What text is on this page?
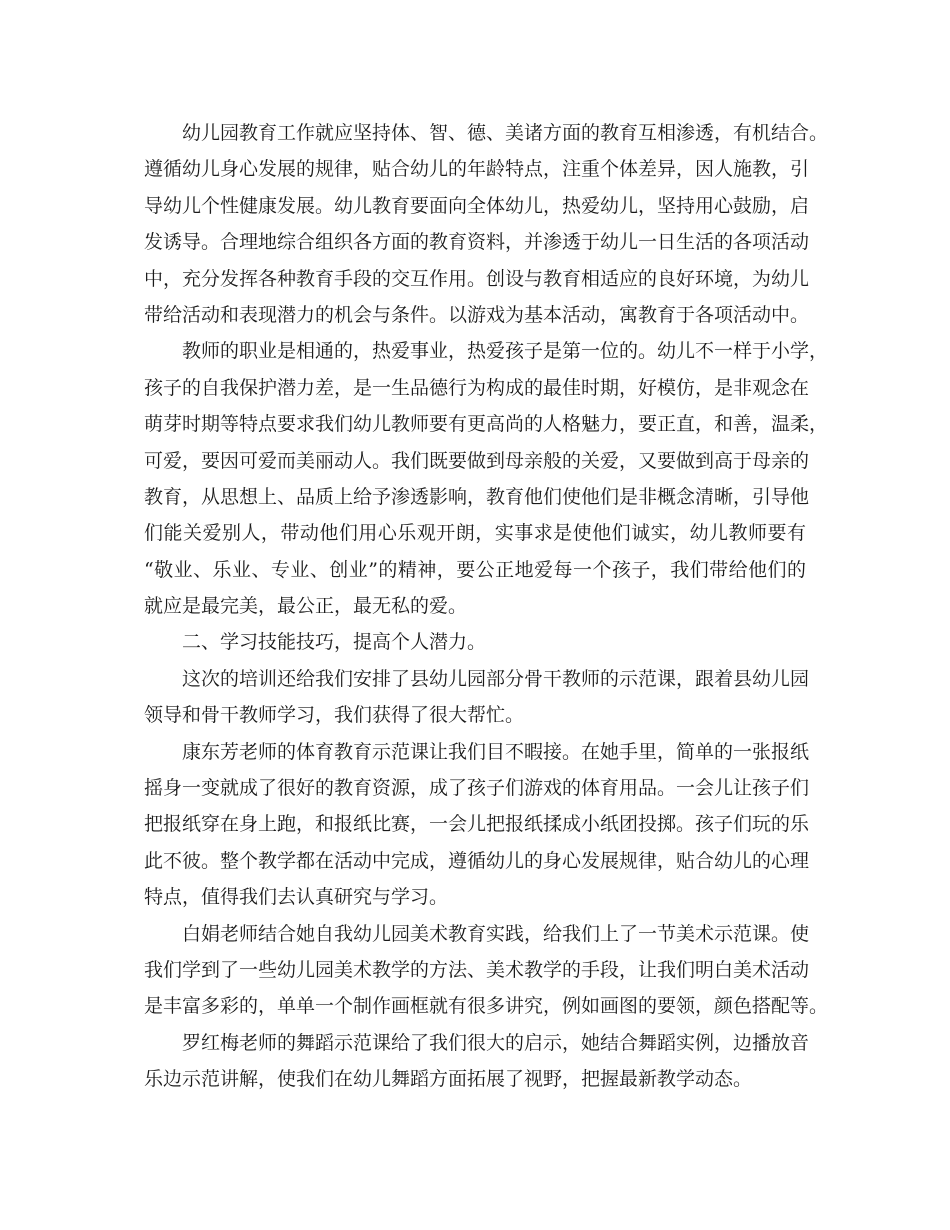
幼儿园教育工作就应坚持体、智、德、美诸方面的教育互相渗透，有机结合。
遵循幼儿身心发展的规律，贴合幼儿的年龄特点，注重个体差异，因人施教，引
导幼儿个性健康发展。幼儿教育要面向全体幼儿，热爱幼儿，坚持用心鼓励，启
发诱导。合理地综合组织各方面的教育资料，并渗透于幼儿一日生活的各项活动
中，充分发挥各种教育手段的交互作用。创设与教育相适应的良好环境，为幼儿
带给活动和表现潜力的机会与条件。以游戏为基本活动，寓教育于各项活动中。
教师的职业是相通的，热爱事业，热爱孩子是第一位的。幼儿不一样于小学，
孩子的自我保护潜力差，是一生品德行为构成的最佳时期，好模仿，是非观念在
萌芽时期等特点要求我们幼儿教师要有更高尚的人格魅力，要正直，和善，温柔，
可爱，要因可爱而美丽动人。我们既要做到母亲般的关爱，又要做到高于母亲的
教育，从思想上、品质上给予渗透影响，教育他们使他们是非概念清晰，引导他
们能关爱别人，带动他们用心乐观开朗，实事求是使他们诚实，幼儿教师要有
“敬业、乐业、专业、创业”的精神，要公正地爱每一个孩子，我们带给他们的
就应是最完美，最公正，最无私的爱。
二、学习技能技巧，提高个人潜力。
这次的培训还给我们安排了县幼儿园部分骨干教师的示范课，跟着县幼儿园
领导和骨干教师学习，我们获得了很大帮忙。
康东芳老师的体育教育示范课让我们目不暇接。在她手里，简单的一张报纸
摇身一变就成了很好的教育资源，成了孩子们游戏的体育用品。一会儿让孩子们
把报纸穿在身上跑，和报纸比赛，一会儿把报纸揉成小纸团投掷。孩子们玩的乐
此不彼。整个教学都在活动中完成，遵循幼儿的身心发展规律，贴合幼儿的心理
特点，值得我们去认真研究与学习。
白娟老师结合她自我幼儿园美术教育实践，给我们上了一节美术示范课。使
我们学到了一些幼儿园美术教学的方法、美术教学的手段，让我们明白美术活动
是丰富多彩的，单单一个制作画框就有很多讲究，例如画图的要领，颜色搭配等。
罗红梅老师的舞蹈示范课给了我们很大的启示，她结合舞蹈实例，边播放音
乐边示范讲解，使我们在幼儿舞蹈方面拓展了视野，把握最新教学动态。
